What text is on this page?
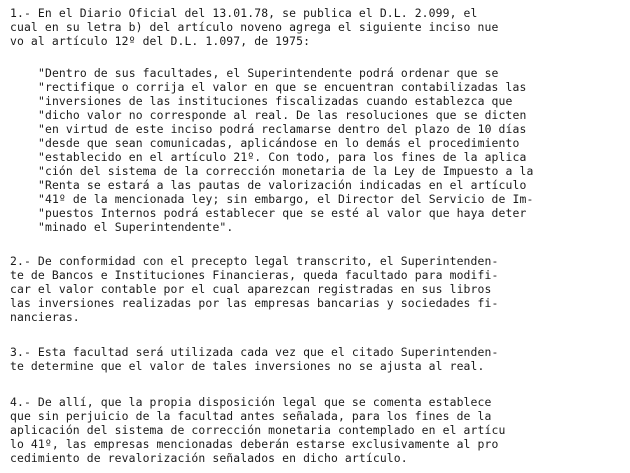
1.- En el Diario Oficial del 13.01.78, se publica el D.L. 2.099, el
cual en su letra b) del artículo noveno agrega el siguiente inciso nue
vo al artículo 12º del D.L. 1.097, de 1975:
"Dentro de sus facultades, el Superintendente podrá ordenar que se
"rectifique o corrija el valor en que se encuentran contabilizadas las
"inversiones de las instituciones fiscalizadas cuando establezca que
"dicho valor no corresponde al real. De las resoluciones que se dicten
"en virtud de este inciso podrá reclamarse dentro del plazo de 10 días
"desde que sean comunicadas, aplicándose en lo demás el procedimiento
"establecido en el artículo 21º. Con todo, para los fines de la aplica
"ción del sistema de la corrección monetaria de la Ley de Impuesto a la
"Renta se estará a las pautas de valorización indicadas en el artículo
"41º de la mencionada ley; sin embargo, el Director del Servicio de Im-
"puestos Internos podrá establecer que se esté al valor que haya deter
"minado el Superintendente".
2.- De conformidad con el precepto legal transcrito, el Superintenden-
te de Bancos e Instituciones Financieras, queda facultado para modifi-
car el valor contable por el cual aparezcan registradas en sus libros
las inversiones realizadas por las empresas bancarias y sociedades fi-
nancieras.
3.- Esta facultad será utilizada cada vez que el citado Superintenden-
te determine que el valor de tales inversiones no se ajusta al real.
4.- De allí, que la propia disposición legal que se comenta establece
que sin perjuicio de la facultad antes señalada, para los fines de la
aplicación del sistema de corrección monetaria contemplado en el artícu
lo 41º, las empresas mencionadas deberán estarse exclusivamente al pro
cedimiento de revalorización señalados en dicho artículo.
